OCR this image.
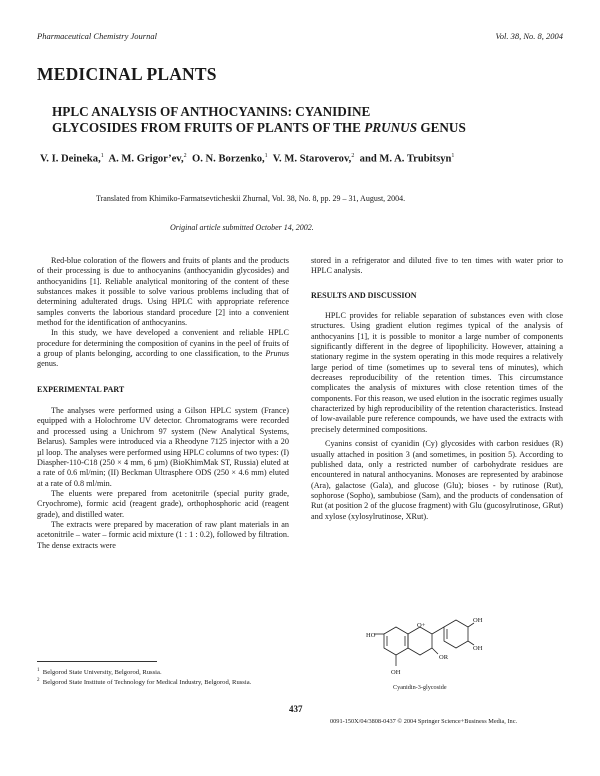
Pharmaceutical Chemistry Journal	Vol. 38, No. 8, 2004
MEDICINAL PLANTS
HPLC ANALYSIS OF ANTHOCYANINS: CYANIDINE
GLYCOSIDES FROM FRUITS OF PLANTS OF THE PRUNUS GENUS
V. I. Deineka,$^1$ A. M. Grigor’ev,$^2$ O. N. Borzenko,$^1$ V. M. Staroverov,$^2$ and M. A. Trubitsyn$^1$
Translated from Khimiko-Farmatsevticheskii Zhurnal, Vol. 38, No. 8, pp. 29 – 31, August, 2004.
Original article submitted October 14, 2002.

Red-blue coloration of the flowers and fruits of plants and the products of their processing is due to anthocyanins (anthocyanidin glycosides) and anthocyanidins [1]. Reliable analytical monitoring of the content of these substances makes it possible to solve various problems including that of determining adulterated drugs. Using HPLC with appropriate reference samples converts the laborious standard procedure [2] into a convenient method for the identification of anthocyanins.

In this study, we have developed a convenient and reliable HPLC procedure for determining the composition of cyanins in the peel of fruits of a group of plants belonging, according to one classification, to the Prunus genus.

EXPERIMENTAL PART

The analyses were performed using a Gilson HPLC system (France) equipped with a Holochrome UV detector. Chromatograms were recorded and processed using a Unichrom 97 system (New Analytical Systems, Belarus). Samples were introduced via a Rheodyne 7125 injector with a 20 µl loop. The analyses were performed using HPLC columns of two types: (I) Diaspher-110-C18 (250 × 4 mm, 6 µm) (BioKhimMak ST, Russia) eluted at a rate of 0.6 ml/min; (II) Beckman Ultrasphere ODS (250 × 4.6 mm) eluted at a rate of 0.8 ml/min.

The eluents were prepared from acetonitrile (special purity grade, Cryochrome), formic acid (reagent grade), orthophosphoric acid (reagent grade), and distilled water.

The extracts were prepared by maceration of raw plant materials in an acetonitrile – water – formic acid mixture (1 : 1 : 0.2), followed by filtration. The dense extracts were

$^1$ Belgorod State University, Belgorod, Russia.
$^2$ Belgorod State Institute of Technology for Medical Industry, Belgorod, Russia.

stored in a refrigerator and diluted five to ten times with water prior to HPLC analysis.

RESULTS AND DISCUSSION

HPLC provides for reliable separation of substances even with close structures. Using gradient elution regimes typical of the analysis of anthocyanins [1], it is possible to monitor a large number of components significantly different in the degree of lipophilicity. However, attaining a stationary regime in the system operating in this mode requires a relatively large period of time (sometimes up to several tens of minutes), which decreases reproducibility of the retention times. This circumstance complicates the analysis of mixtures with close retention times of the components. For this reason, we used elution in the isocratic regimes usually characterized by high reproducibility of the retention characteristics. Instead of low-available pure reference compounds, we have used the extracts with precisely determined compositions.

Cyanins consist of cyanidin (Cy) glycosides with carbon residues (R) usually attached in position 3 (and sometimes, in position 5). According to published data, only a restricted number of carbohydrate residues are encountered in natural anthocyanins. Monoses are represented by arabinose (Ara), galactose (Gala), and glucose (Glu); bioses - by rutinose (Rut), sophorose (Sopho), sambubiose (Sam), and the products of condensation of Rut (at position 2 of the glucose fragment) with Glu (gucosylrutinose, GRut) and xylose (xylosylrutinose, XRut).

HO
O+
OR
OH
OH
OH
Cyanidin-3-glycoside
437
0091-150X/04/3808-0437 © 2004 Springer Science+Business Media, Inc.
